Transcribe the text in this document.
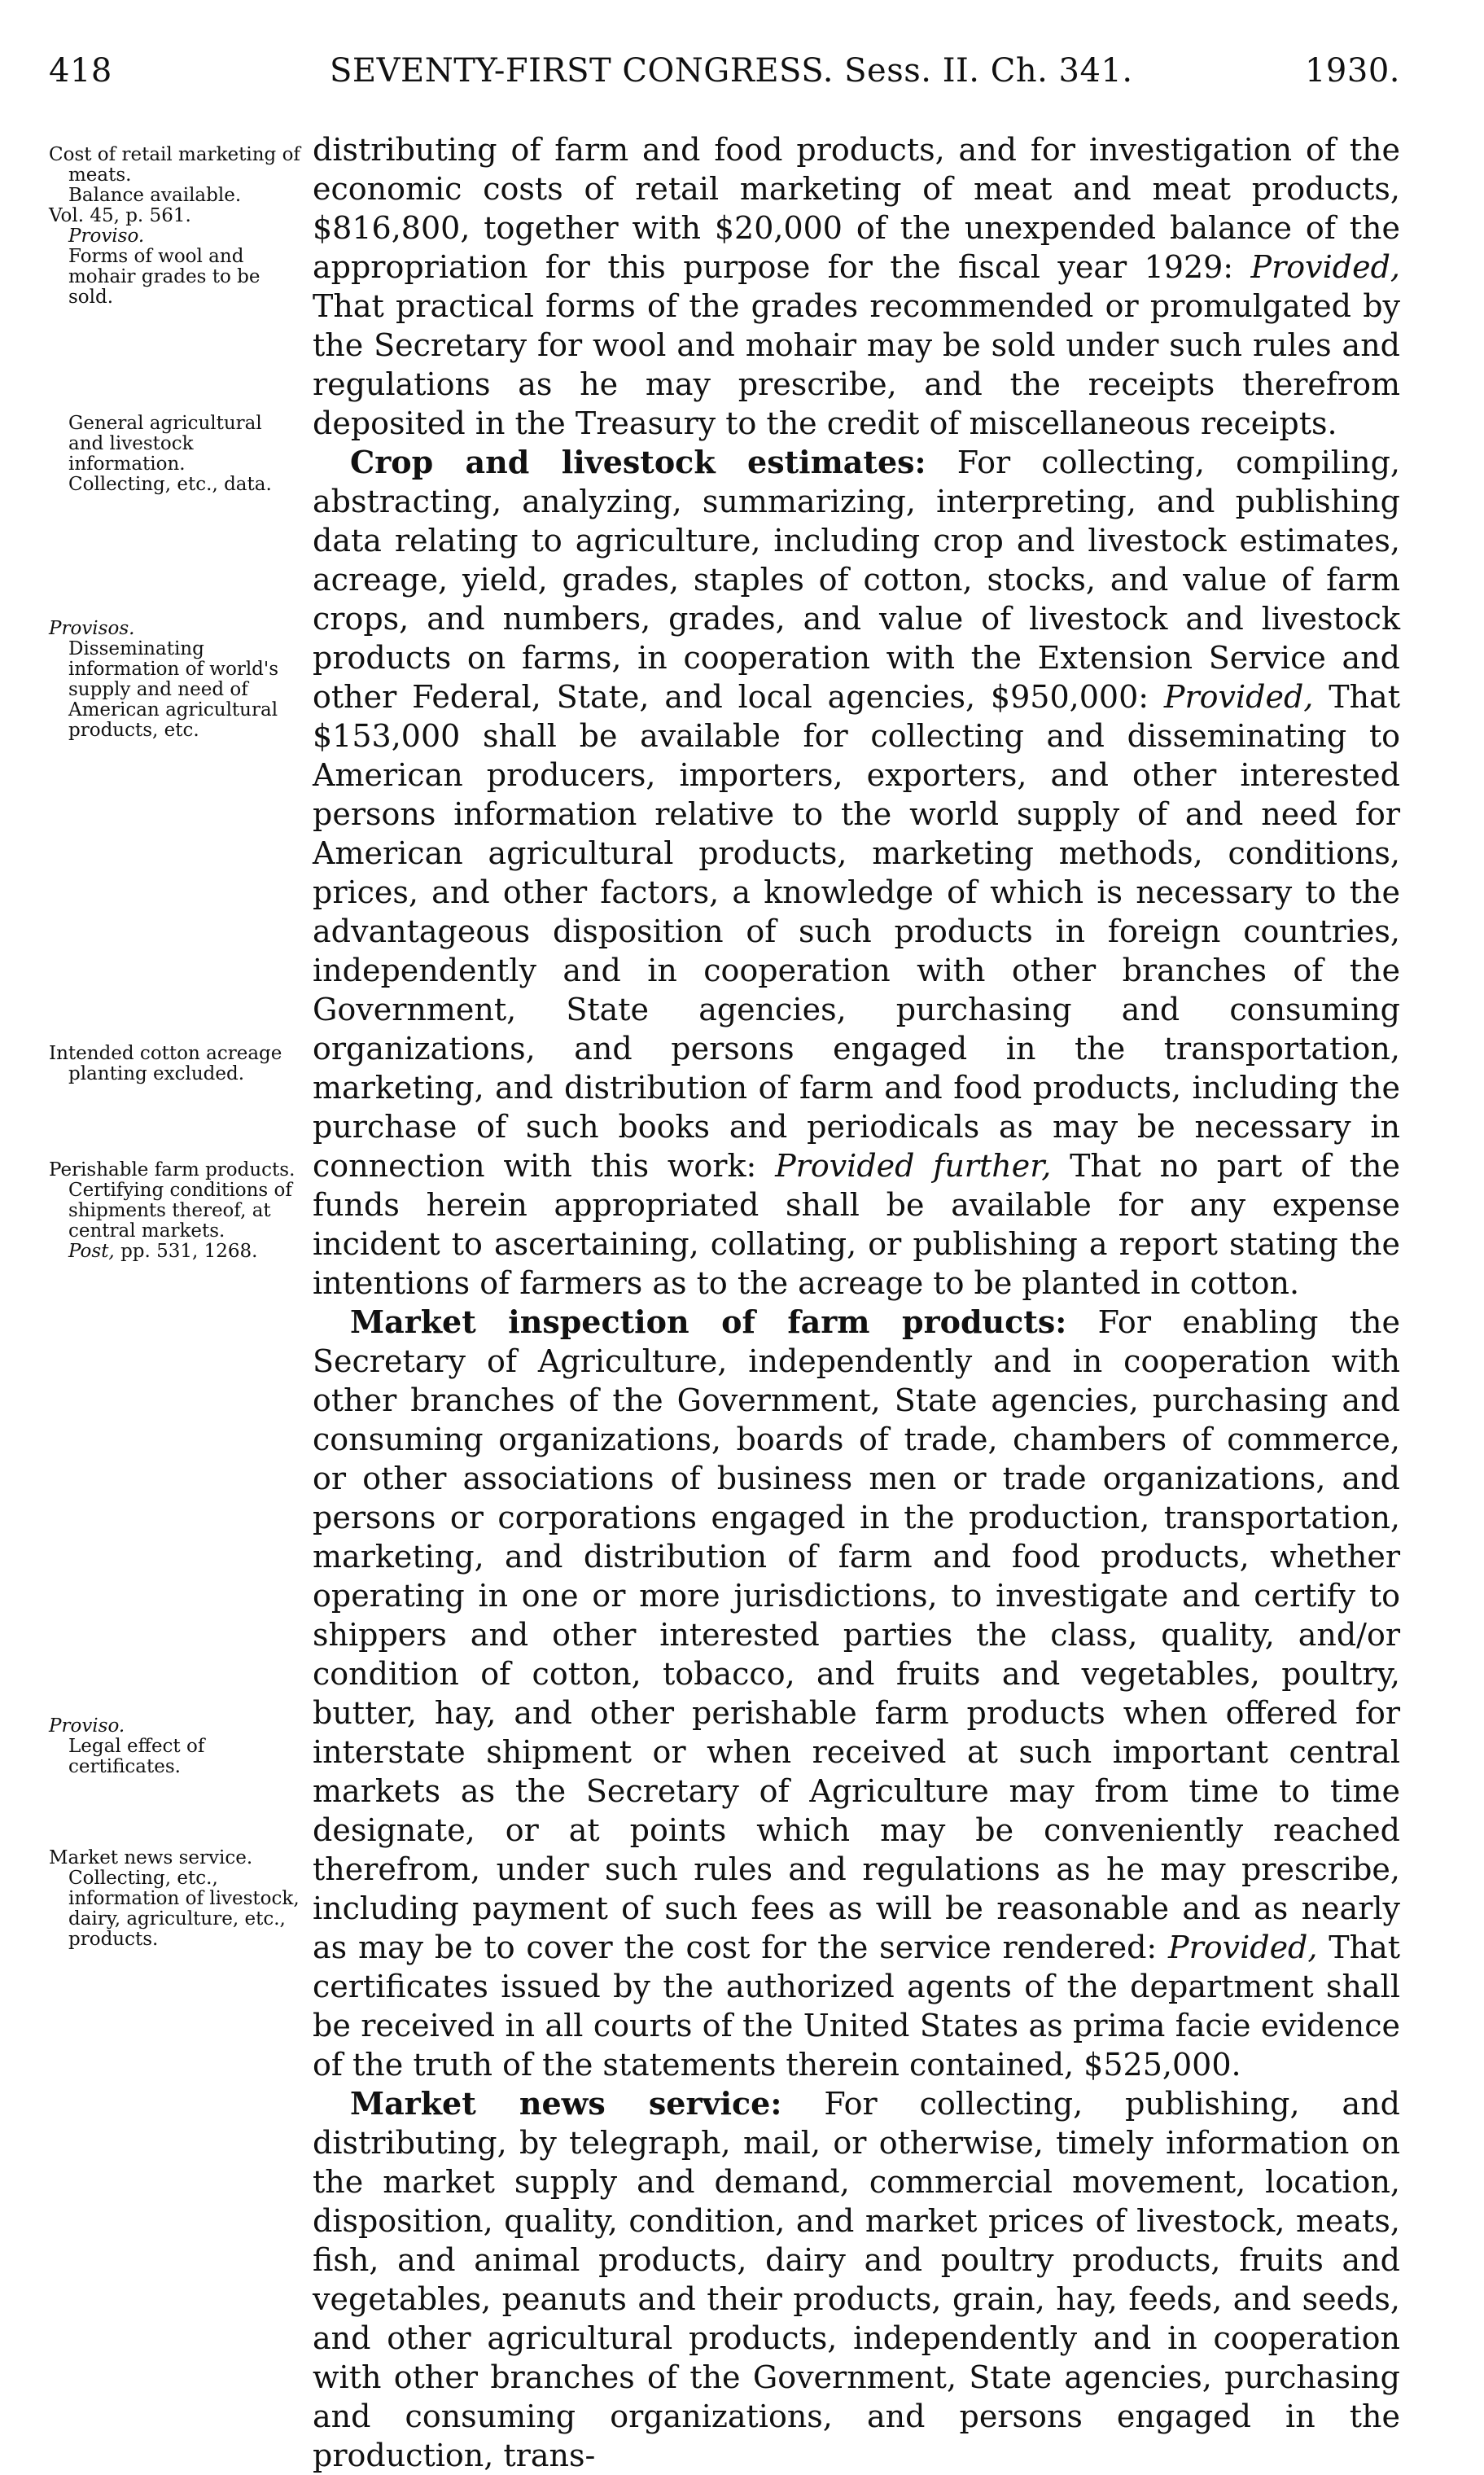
418	SEVENTY-FIRST CONGRESS. Sess. II. Ch. 341.	1930.
Cost of retail marketing of meats.
Balance available.
Vol. 45, p. 561.
Proviso.
Forms of wool and mohair grades to be sold.
General agricultural and livestock information.
Collecting, etc., data.
Provisos.
Disseminating information of world's supply and need of American agricultural products, etc.
Intended cotton acreage planting excluded.
Perishable farm products.
Certifying conditions of shipments thereof, at central markets.
Post, pp. 531, 1268.
Proviso.
Legal effect of certificates.
Market news service.
Collecting, etc., information of livestock, dairy, agriculture, etc., products.

distributing of farm and food products, and for investigation of the economic costs of retail marketing of meat and meat products, $816,800, together with $20,000 of the unexpended balance of the appropriation for this purpose for the fiscal year 1929: Provided, That practical forms of the grades recommended or promulgated by the Secretary for wool and mohair may be sold under such rules and regulations as he may prescribe, and the receipts therefrom deposited in the Treasury to the credit of miscellaneous receipts.

Crop and livestock estimates: For collecting, compiling, abstracting, analyzing, summarizing, interpreting, and publishing data relating to agriculture, including crop and livestock estimates, acreage, yield, grades, staples of cotton, stocks, and value of farm crops, and numbers, grades, and value of livestock and livestock products on farms, in cooperation with the Extension Service and other Federal, State, and local agencies, $950,000: Provided, That $153,000 shall be available for collecting and disseminating to American producers, importers, exporters, and other interested persons information relative to the world supply of and need for American agricultural products, marketing methods, conditions, prices, and other factors, a knowledge of which is necessary to the advantageous disposition of such products in foreign countries, independently and in cooperation with other branches of the Government, State agencies, purchasing and consuming organizations, and persons engaged in the transportation, marketing, and distribution of farm and food products, including the purchase of such books and periodicals as may be necessary in connection with this work: Provided further, That no part of the funds herein appropriated shall be available for any expense incident to ascertaining, collating, or publishing a report stating the intentions of farmers as to the acreage to be planted in cotton.

Market inspection of farm products: For enabling the Secretary of Agriculture, independently and in cooperation with other branches of the Government, State agencies, purchasing and consuming organizations, boards of trade, chambers of commerce, or other associations of business men or trade organizations, and persons or corporations engaged in the production, transportation, marketing, and distribution of farm and food products, whether operating in one or more jurisdictions, to investigate and certify to shippers and other interested parties the class, quality, and/or condition of cotton, tobacco, and fruits and vegetables, poultry, butter, hay, and other perishable farm products when offered for interstate shipment or when received at such important central markets as the Secretary of Agriculture may from time to time designate, or at points which may be conveniently reached therefrom, under such rules and regulations as he may prescribe, including payment of such fees as will be reasonable and as nearly as may be to cover the cost for the service rendered: Provided, That certificates issued by the authorized agents of the department shall be received in all courts of the United States as prima facie evidence of the truth of the statements therein contained, $525,000.

Market news service: For collecting, publishing, and distributing, by telegraph, mail, or otherwise, timely information on the market supply and demand, commercial movement, location, disposition, quality, condition, and market prices of livestock, meats, fish, and animal products, dairy and poultry products, fruits and vegetables, peanuts and their products, grain, hay, feeds, and seeds, and other agricultural products, independently and in cooperation with other branches of the Government, State agencies, purchasing and consuming organizations, and persons engaged in the production, trans-
